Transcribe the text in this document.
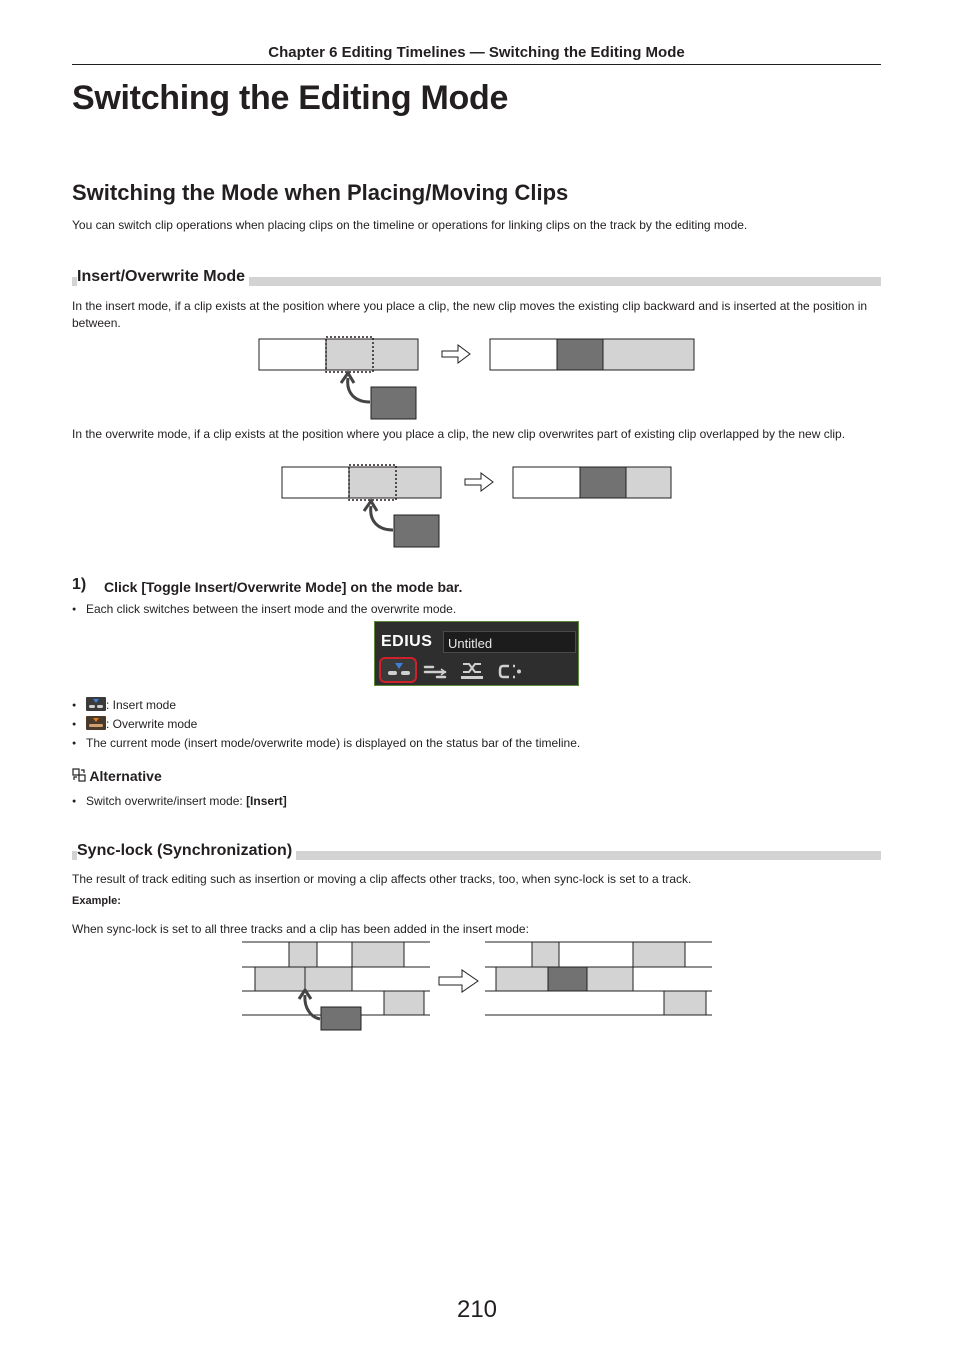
Chapter 6 Editing Timelines — Switching the Editing Mode
Switching the Editing Mode
Switching the Mode when Placing/Moving Clips
You can switch clip operations when placing clips on the timeline or operations for linking clips on the track by the editing mode.
Insert/Overwrite Mode
In the insert mode, if a clip exists at the position where you place a clip, the new clip moves the existing clip backward and is inserted at the position in between.
In the overwrite mode, if a clip exists at the position where you place a clip, the new clip overwrites part of existing clip overlapped by the new clip.
1) Click [Toggle Insert/Overwrite Mode] on the mode bar.
● Each click switches between the insert mode and the overwrite mode.
EDIUS Untitled
● : Insert mode
● : Overwrite mode
● The current mode (insert mode/overwrite mode) is displayed on the status bar of the timeline.
Alternative
● Switch overwrite/insert mode: [Insert]
Sync-lock (Synchronization)
The result of track editing such as insertion or moving a clip affects other tracks, too, when sync-lock is set to a track.
Example:
When sync-lock is set to all three tracks and a clip has been added in the insert mode:
210
